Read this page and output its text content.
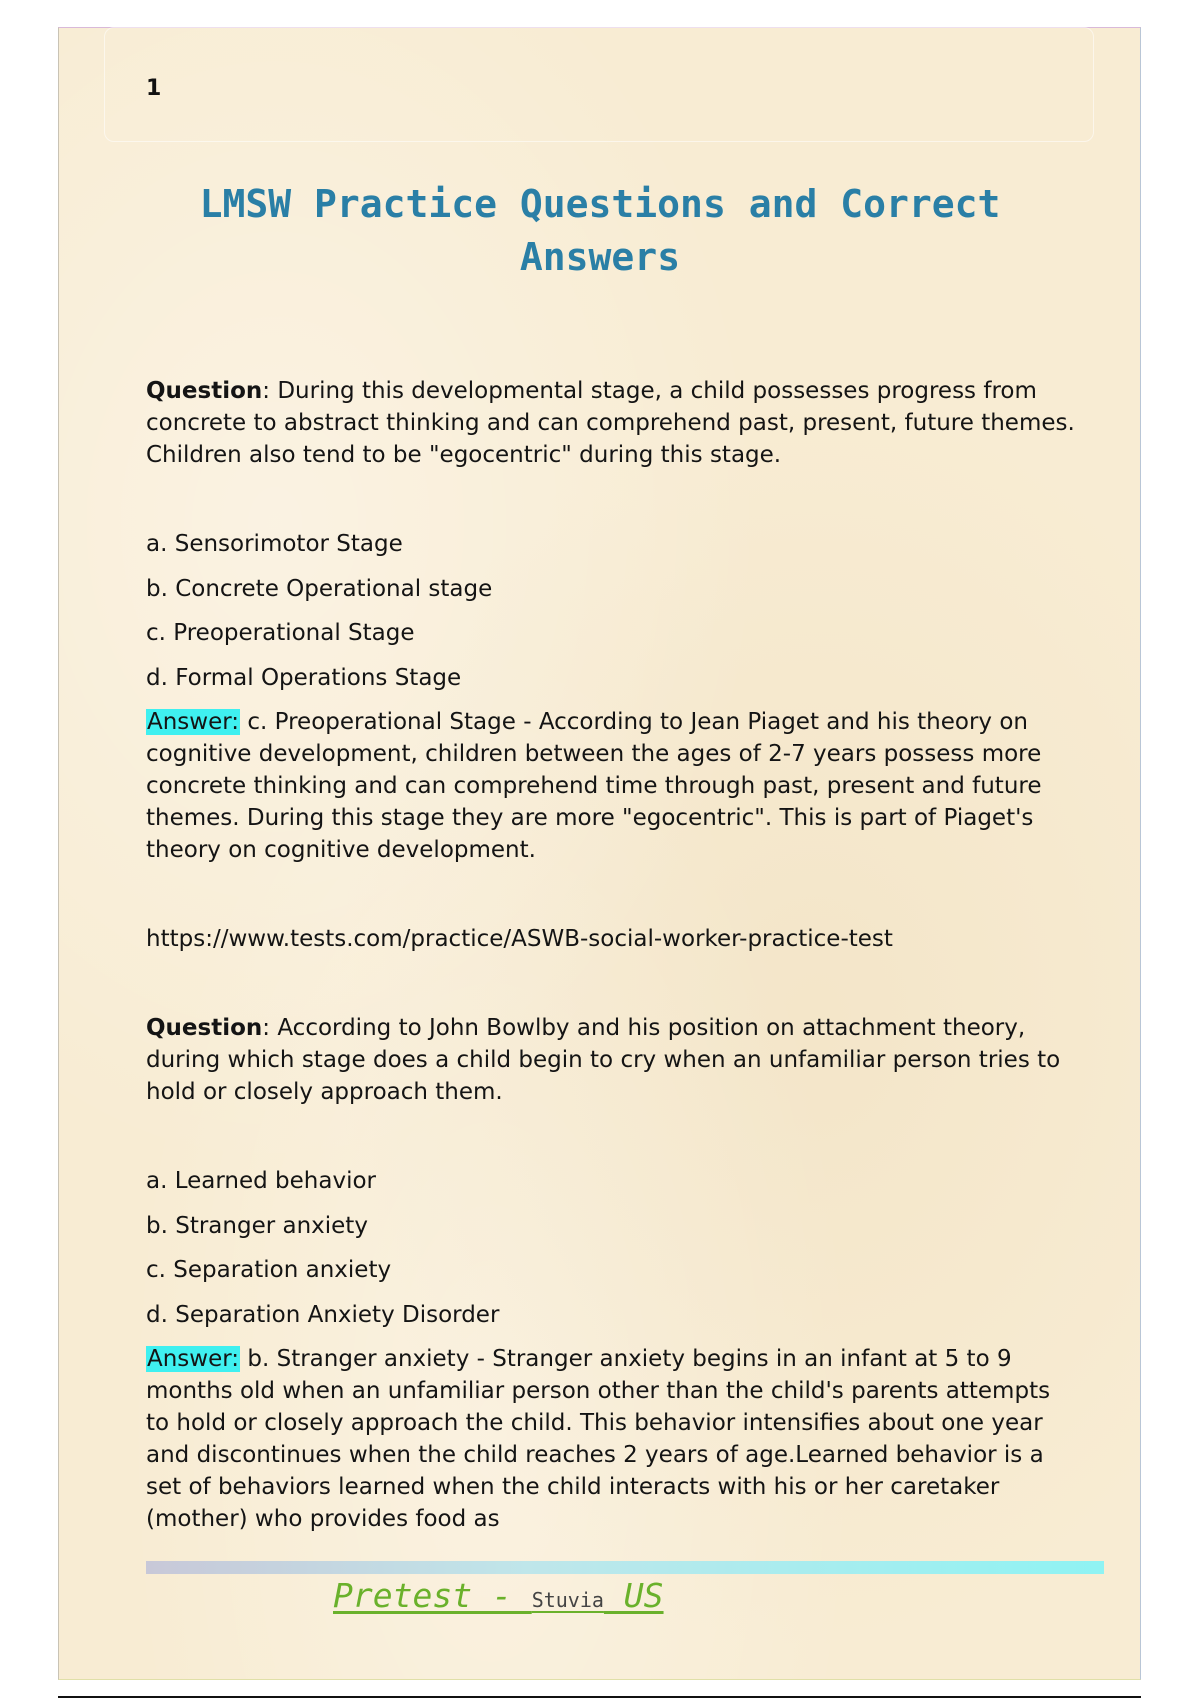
1
LMSW Practice Questions and Correct Answers

Question: During this developmental stage, a child possesses progress from concrete to abstract thinking and can comprehend past, present, future themes. Children also tend to be "egocentric" during this stage.

a. Sensorimotor Stage
b. Concrete Operational stage
c. Preoperational Stage
d. Formal Operations Stage

Answer: c. Preoperational Stage - According to Jean Piaget and his theory on cognitive development, children between the ages of 2-7 years possess more concrete thinking and can comprehend time through past, present and future themes. During this stage they are more "egocentric". This is part of Piaget's theory on cognitive development.

https://www.tests.com/practice/ASWB-social-worker-practice-test

Question: According to John Bowlby and his position on attachment theory, during which stage does a child begin to cry when an unfamiliar person tries to hold or closely approach them.

a. Learned behavior
b. Stranger anxiety
c. Separation anxiety
d. Separation Anxiety Disorder

Answer: b. Stranger anxiety - Stranger anxiety begins in an infant at 5 to 9 months old when an unfamiliar person other than the child's parents attempts to hold or closely approach the child. This behavior intensifies about one year and discontinues when the child reaches 2 years of age.Learned behavior is a set of behaviors learned when the child interacts with his or her caretaker (mother) who provides food as

Pretest - Stuvia US
